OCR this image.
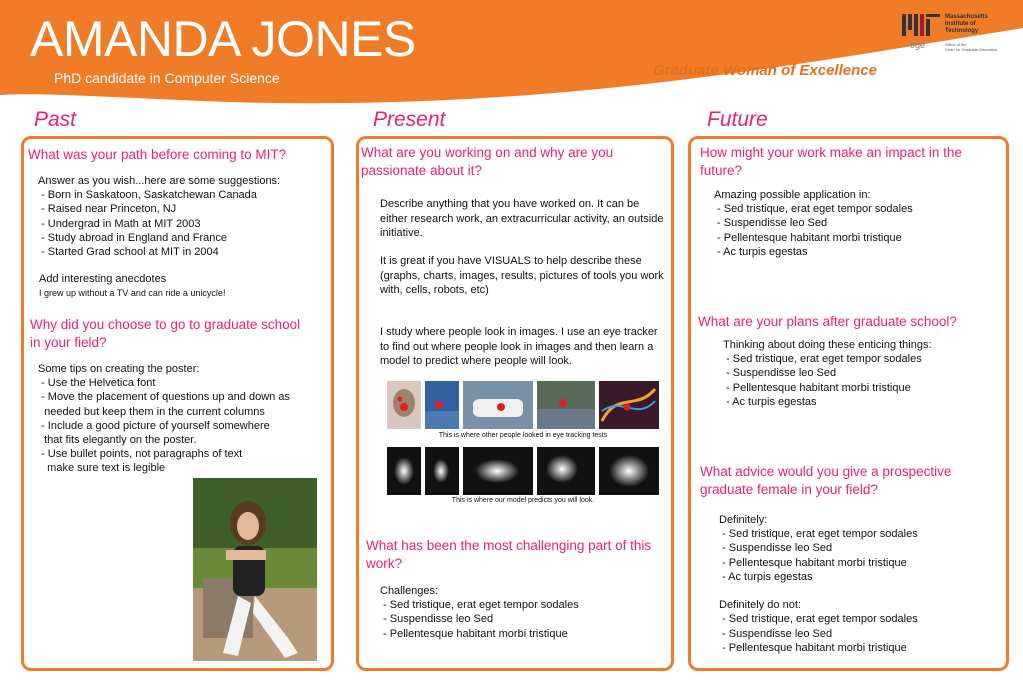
AMANDA JONES
PhD candidate in Computer Science	Graduate Woman of Excellence
Massachusetts
Institute of
Technology
oge	Office of the
Dean for Graduate Education
Past	Present	Future
What was your path before coming to MIT?
Answer as you wish...here are some suggestions:
- Born in Saskatoon, Saskatchewan Canada
- Raised near Princeton, NJ
- Undergrad in Math at MIT 2003
- Study abroad in England and France
- Started Grad school at MIT in 2004
Add interesting anecdotes
I grew up without a TV and can ride a unicycle!
Why did you choose to go to graduate school in your field?
Some tips on creating the poster:
- Use the Helvetica font
- Move the placement of questions up and down as
needed but keep them in the current columns
- Include a good picture of yourself somewhere
that fits elegantly on the poster.
- Use bullet points, not paragraphs of text
make sure text is legible
What are you working on and why are you passionate about it?
Describe anything that you have worked on. It can be either research work, an extracurricular activity, an outside initiative.
It is great if you have VISUALS to help describe these (graphs, charts, images, results, pictures of tools you work with, cells, robots, etc)
I study where people look in images. I use an eye tracker to find out where people look in images and then learn a model to predict where people will look.
This is where other people looked in eye tracking tests
This is where our model predicts you will look.
What has been the most challenging part of this work?
Challenges:
- Sed tristique, erat eget tempor sodales
- Suspendisse leo Sed
- Pellentesque habitant morbi tristique
How might your work make an impact in the future?
Amazing possible application in:
- Sed tristique, erat eget tempor sodales
- Suspendisse leo Sed
- Pellentesque habitant morbi tristique
- Ac turpis egestas
What are your plans after graduate school?
Thinking about doing these enticing things:
- Sed tristique, erat eget tempor sodales
- Suspendisse leo Sed
- Pellentesque habitant morbi tristique
- Ac turpis egestas
What advice would you give a prospective graduate female in your field?
Definitely:
- Sed tristique, erat eget tempor sodales
- Suspendisse leo Sed
- Pellentesque habitant morbi tristique
- Ac turpis egestas

Definitely do not:
- Sed tristique, erat eget tempor sodales
- Suspendisse leo Sed
- Pellentesque habitant morbi tristique
